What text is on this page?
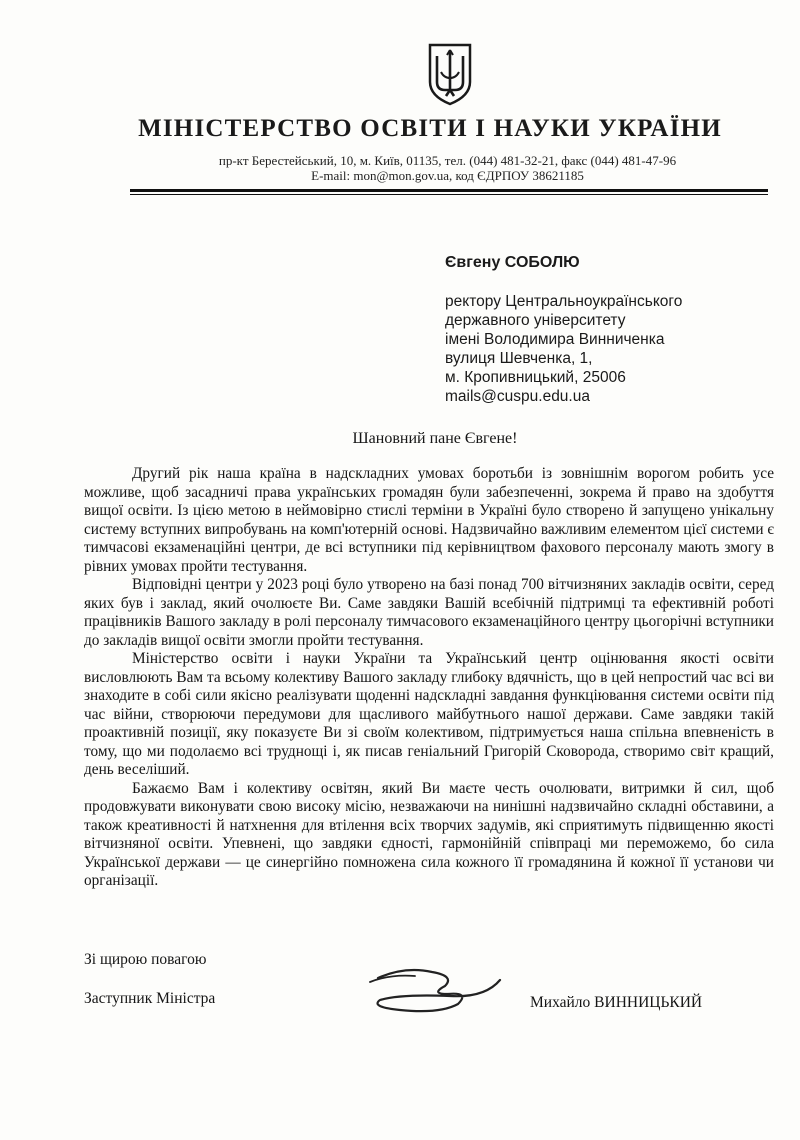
МІНІСТЕРСТВО ОСВІТИ І НАУКИ УКРАЇНИ
пр-кт Берестейський, 10, м. Київ, 01135, тел. (044) 481-32-21, факс (044) 481-47-96
E-mail: mon@mon.gov.ua, код ЄДРПОУ 38621185
Євгену СОБОЛЮ
ректору Центральноукраїнського
державного університету
імені Володимира Винниченка
вулиця Шевченка, 1,
м. Кропивницький, 25006
mails@cuspu.edu.ua
Шановний пане Євгене!

Другий рік наша країна в надскладних умовах боротьби із зовнішнім ворогом робить усе можливе, щоб засадничі права українських громадян були забезпеченні, зокрема й право на здобуття вищої освіти. Із цією метою в неймовірно стислі терміни в Україні було створено й запущено унікальну систему вступних випробувань на комп'ютерній основі. Надзвичайно важливим елементом цієї системи є тимчасові екзаменаційні центри, де всі вступники під керівництвом фахового персоналу мають змогу в рівних умовах пройти тестування.

Відповідні центри у 2023 році було утворено на базі понад 700 вітчизняних закладів освіти, серед яких був і заклад, який очолюєте Ви. Саме завдяки Вашій всебічній підтримці та ефективній роботі працівників Вашого закладу в ролі персоналу тимчасового екзаменаційного центру цьогорічні вступники до закладів вищої освіти змогли пройти тестування.

Міністерство освіти і науки України та Український центр оцінювання якості освіти висловлюють Вам та всьому колективу Вашого закладу глибоку вдячність, що в цей непростий час всі ви знаходите в собі сили якісно реалізувати щоденні надскладні завдання функціювання системи освіти під час війни, створюючи передумови для щасливого майбутнього нашої держави. Саме завдяки такій проактивній позиції, яку показуєте Ви зі своїм колективом, підтримується наша спільна впевненість в тому, що ми подолаємо всі труднощі і, як писав геніальний Григорій Сковорода, створимо світ кращий, день веселіший.

Бажаємо Вам і колективу освітян, який Ви маєте честь очолювати, витримки й сил, щоб продовжувати виконувати свою високу місію, незважаючи на нинішні надзвичайно складні обставини, а також креативності й натхнення для втілення всіх творчих задумів, які сприятимуть підвищенню якості вітчизняної освіти. Упевнені, що завдяки єдності, гармонійній співпраці ми переможемо, бо сила Української держави — це синергійно помножена сила кожного її громадянина й кожної її установи чи організації.

Зі щирою повагою
Заступник Міністра	Михайло ВИННИЦЬКИЙ
